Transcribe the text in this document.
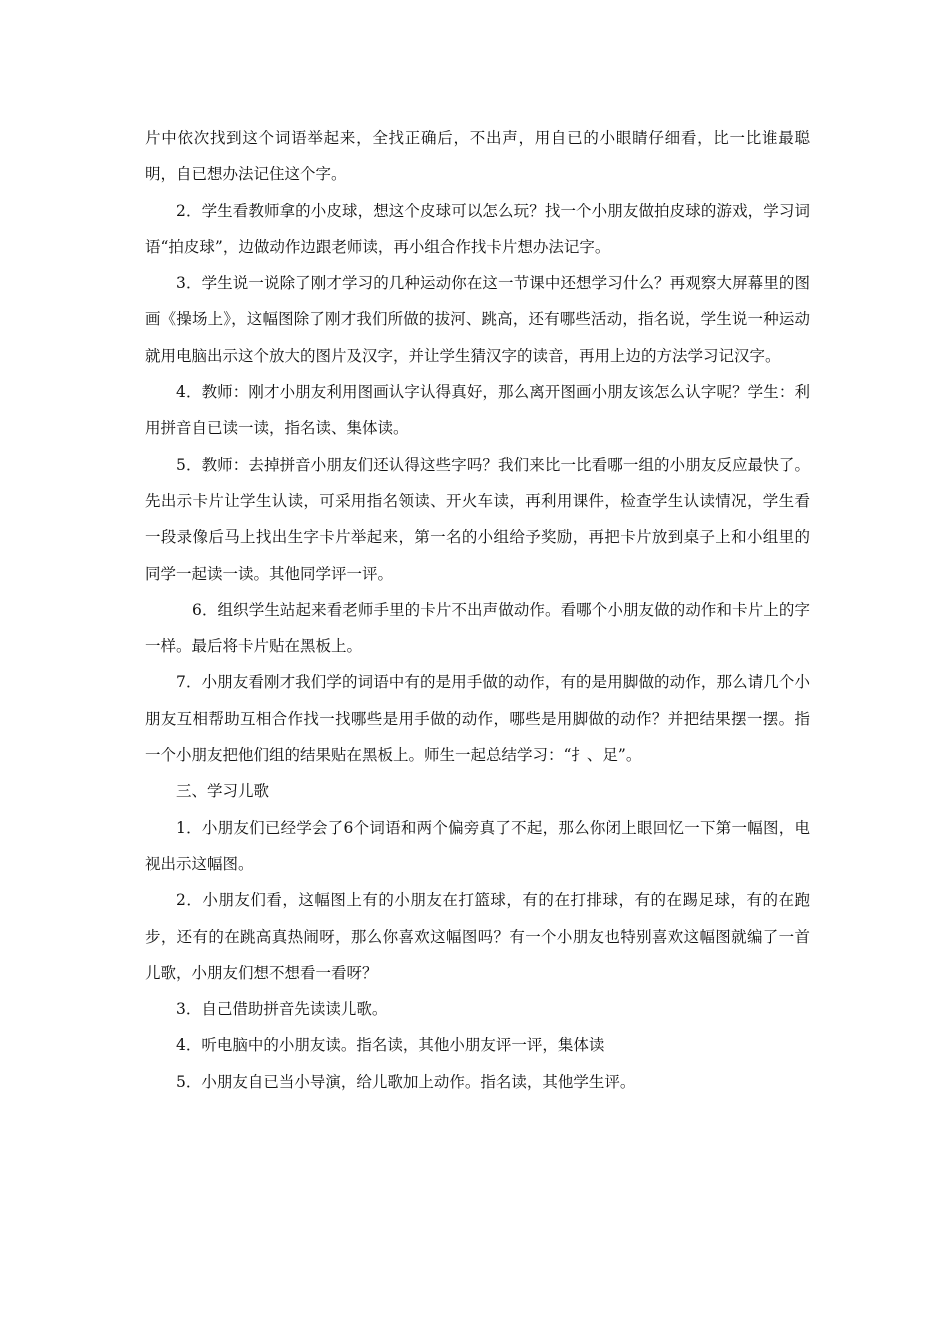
片中依次找到这个词语举起来，全找正确后，不出声，用自已的小眼睛仔细看，比一比谁最聪明，自已想办法记住这个字。

2．学生看教师拿的小皮球，想这个皮球可以怎么玩？找一个小朋友做拍皮球的游戏，学习词语“拍皮球”，边做动作边跟老师读，再小组合作找卡片想办法记字。

3．学生说一说除了刚才学习的几种运动你在这一节课中还想学习什么？再观察大屏幕里的图画《操场上》，这幅图除了刚才我们所做的拔河、跳高，还有哪些活动，指名说，学生说一种运动就用电脑出示这个放大的图片及汉字，并让学生猜汉字的读音，再用上边的方法学习记汉字。

4．教师：刚才小朋友利用图画认字认得真好，那么离开图画小朋友该怎么认字呢？学生：利用拼音自已读一读，指名读、集体读。

5．教师：去掉拼音小朋友们还认得这些字吗？我们来比一比看哪一组的小朋友反应最快了。先出示卡片让学生认读，可采用指名领读、开火车读，再利用课件，检查学生认读情况，学生看一段录像后马上找出生字卡片举起来，第一名的小组给予奖励，再把卡片放到桌子上和小组里的同学一起读一读。其他同学评一评。

6．组织学生站起来看老师手里的卡片不出声做动作。看哪个小朋友做的动作和卡片上的字一样。最后将卡片贴在黑板上。

7．小朋友看刚才我们学的词语中有的是用手做的动作，有的是用脚做的动作，那么请几个小朋友互相帮助互相合作找一找哪些是用手做的动作，哪些是用脚做的动作？并把结果摆一摆。指一个小朋友把他们组的结果贴在黑板上。师生一起总结学习：“扌、足”。

三、学习儿歌

1．小朋友们已经学会了6个词语和两个偏旁真了不起，那么你闭上眼回忆一下第一幅图，电视出示这幅图。

2．小朋友们看，这幅图上有的小朋友在打篮球，有的在打排球，有的在踢足球，有的在跑步，还有的在跳高真热闹呀，那么你喜欢这幅图吗？有一个小朋友也特别喜欢这幅图就编了一首儿歌，小朋友们想不想看一看呀？

3．自己借助拼音先读读儿歌。

4．听电脑中的小朋友读。指名读，其他小朋友评一评，集体读

5．小朋友自已当小导演，给儿歌加上动作。指名读，其他学生评。
